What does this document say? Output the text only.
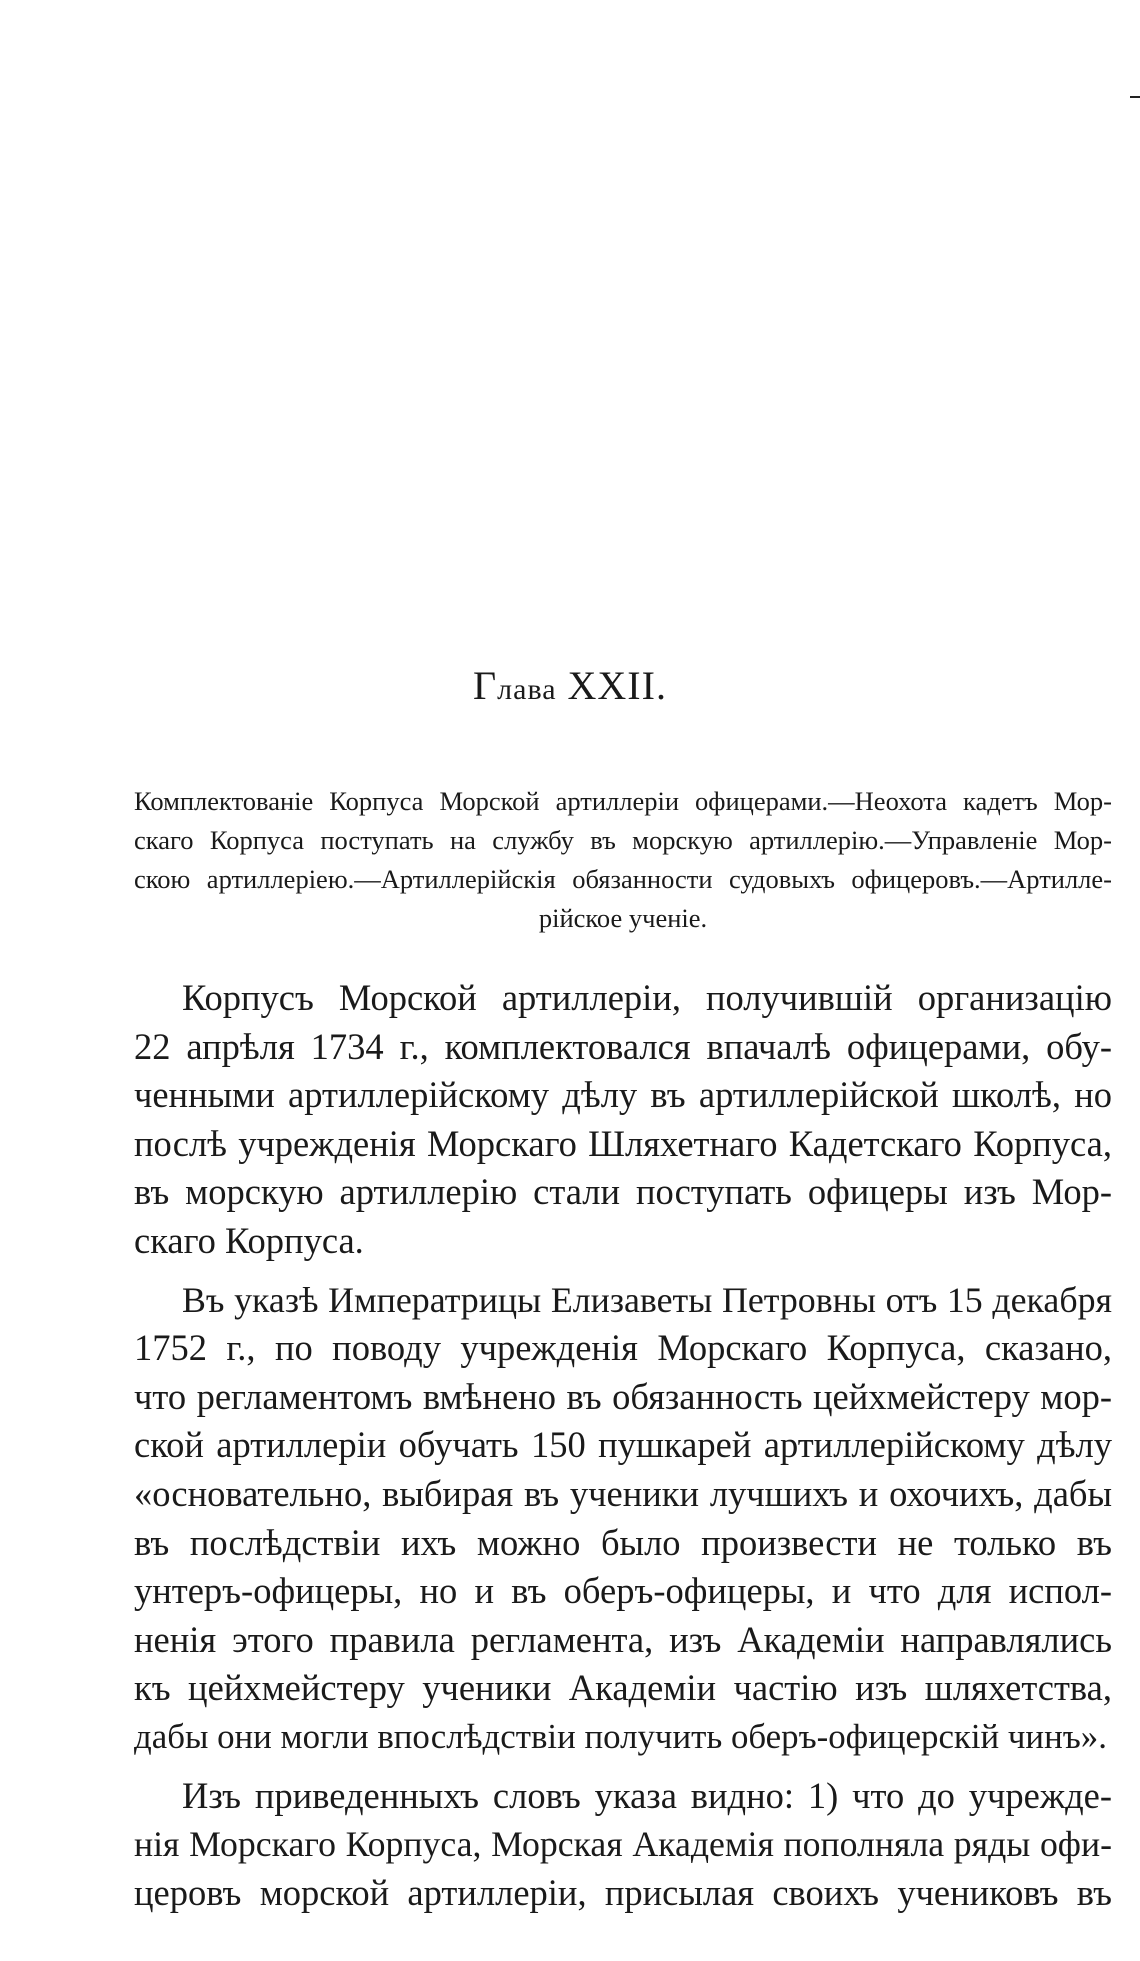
Глава XXII.
Комплектованіе Корпуса Морской артиллеріи офицерами.—Неохота кадетъ Мор-
скаго Корпуса поступать на службу въ морскую артиллерію.—Управленіе Мор-
скою артиллеріею.—Артиллерійскія обязанности судовыхъ офицеровъ.—Артилле-
рійское ученіе.
Корпусъ Морской артиллеріи, получившій организацію
22 апрѣля 1734 г., комплектовался впачалѣ офицерами, обу-
ченными артиллерійскому дѣлу въ артиллерійской школѣ, но
послѣ учрежденія Морскаго Шляхетнаго Кадетскаго Корпуса,
въ морскую артиллерію стали поступать офицеры изъ Мор-
скаго Корпуса.
Въ указѣ Императрицы Елизаветы Петровны отъ 15 декабря
1752 г., по поводу учрежденія Морскаго Корпуса, сказано,
что регламентомъ вмѣнено въ обязанность цейхмейстеру мор-
ской артиллеріи обучать 150 пушкарей артиллерійскому дѣлу
«основательно, выбирая въ ученики лучшихъ и охочихъ, дабы
въ послѣдствіи ихъ можно было произвести не только въ
унтеръ-офицеры, но и въ оберъ-офицеры, и что для испол-
ненія этого правила регламента, изъ Академіи направлялись
къ цейхмейстеру ученики Академіи частію изъ шляхетства,
дабы они могли впослѣдствіи получить оберъ-офицерскій чинъ».
Изъ приведенныхъ словъ указа видно: 1) что до учрежде-
нія Морскаго Корпуса, Морская Академія пополняла ряды офи-
церовъ морской артиллеріи, присылая своихъ учениковъ въ
